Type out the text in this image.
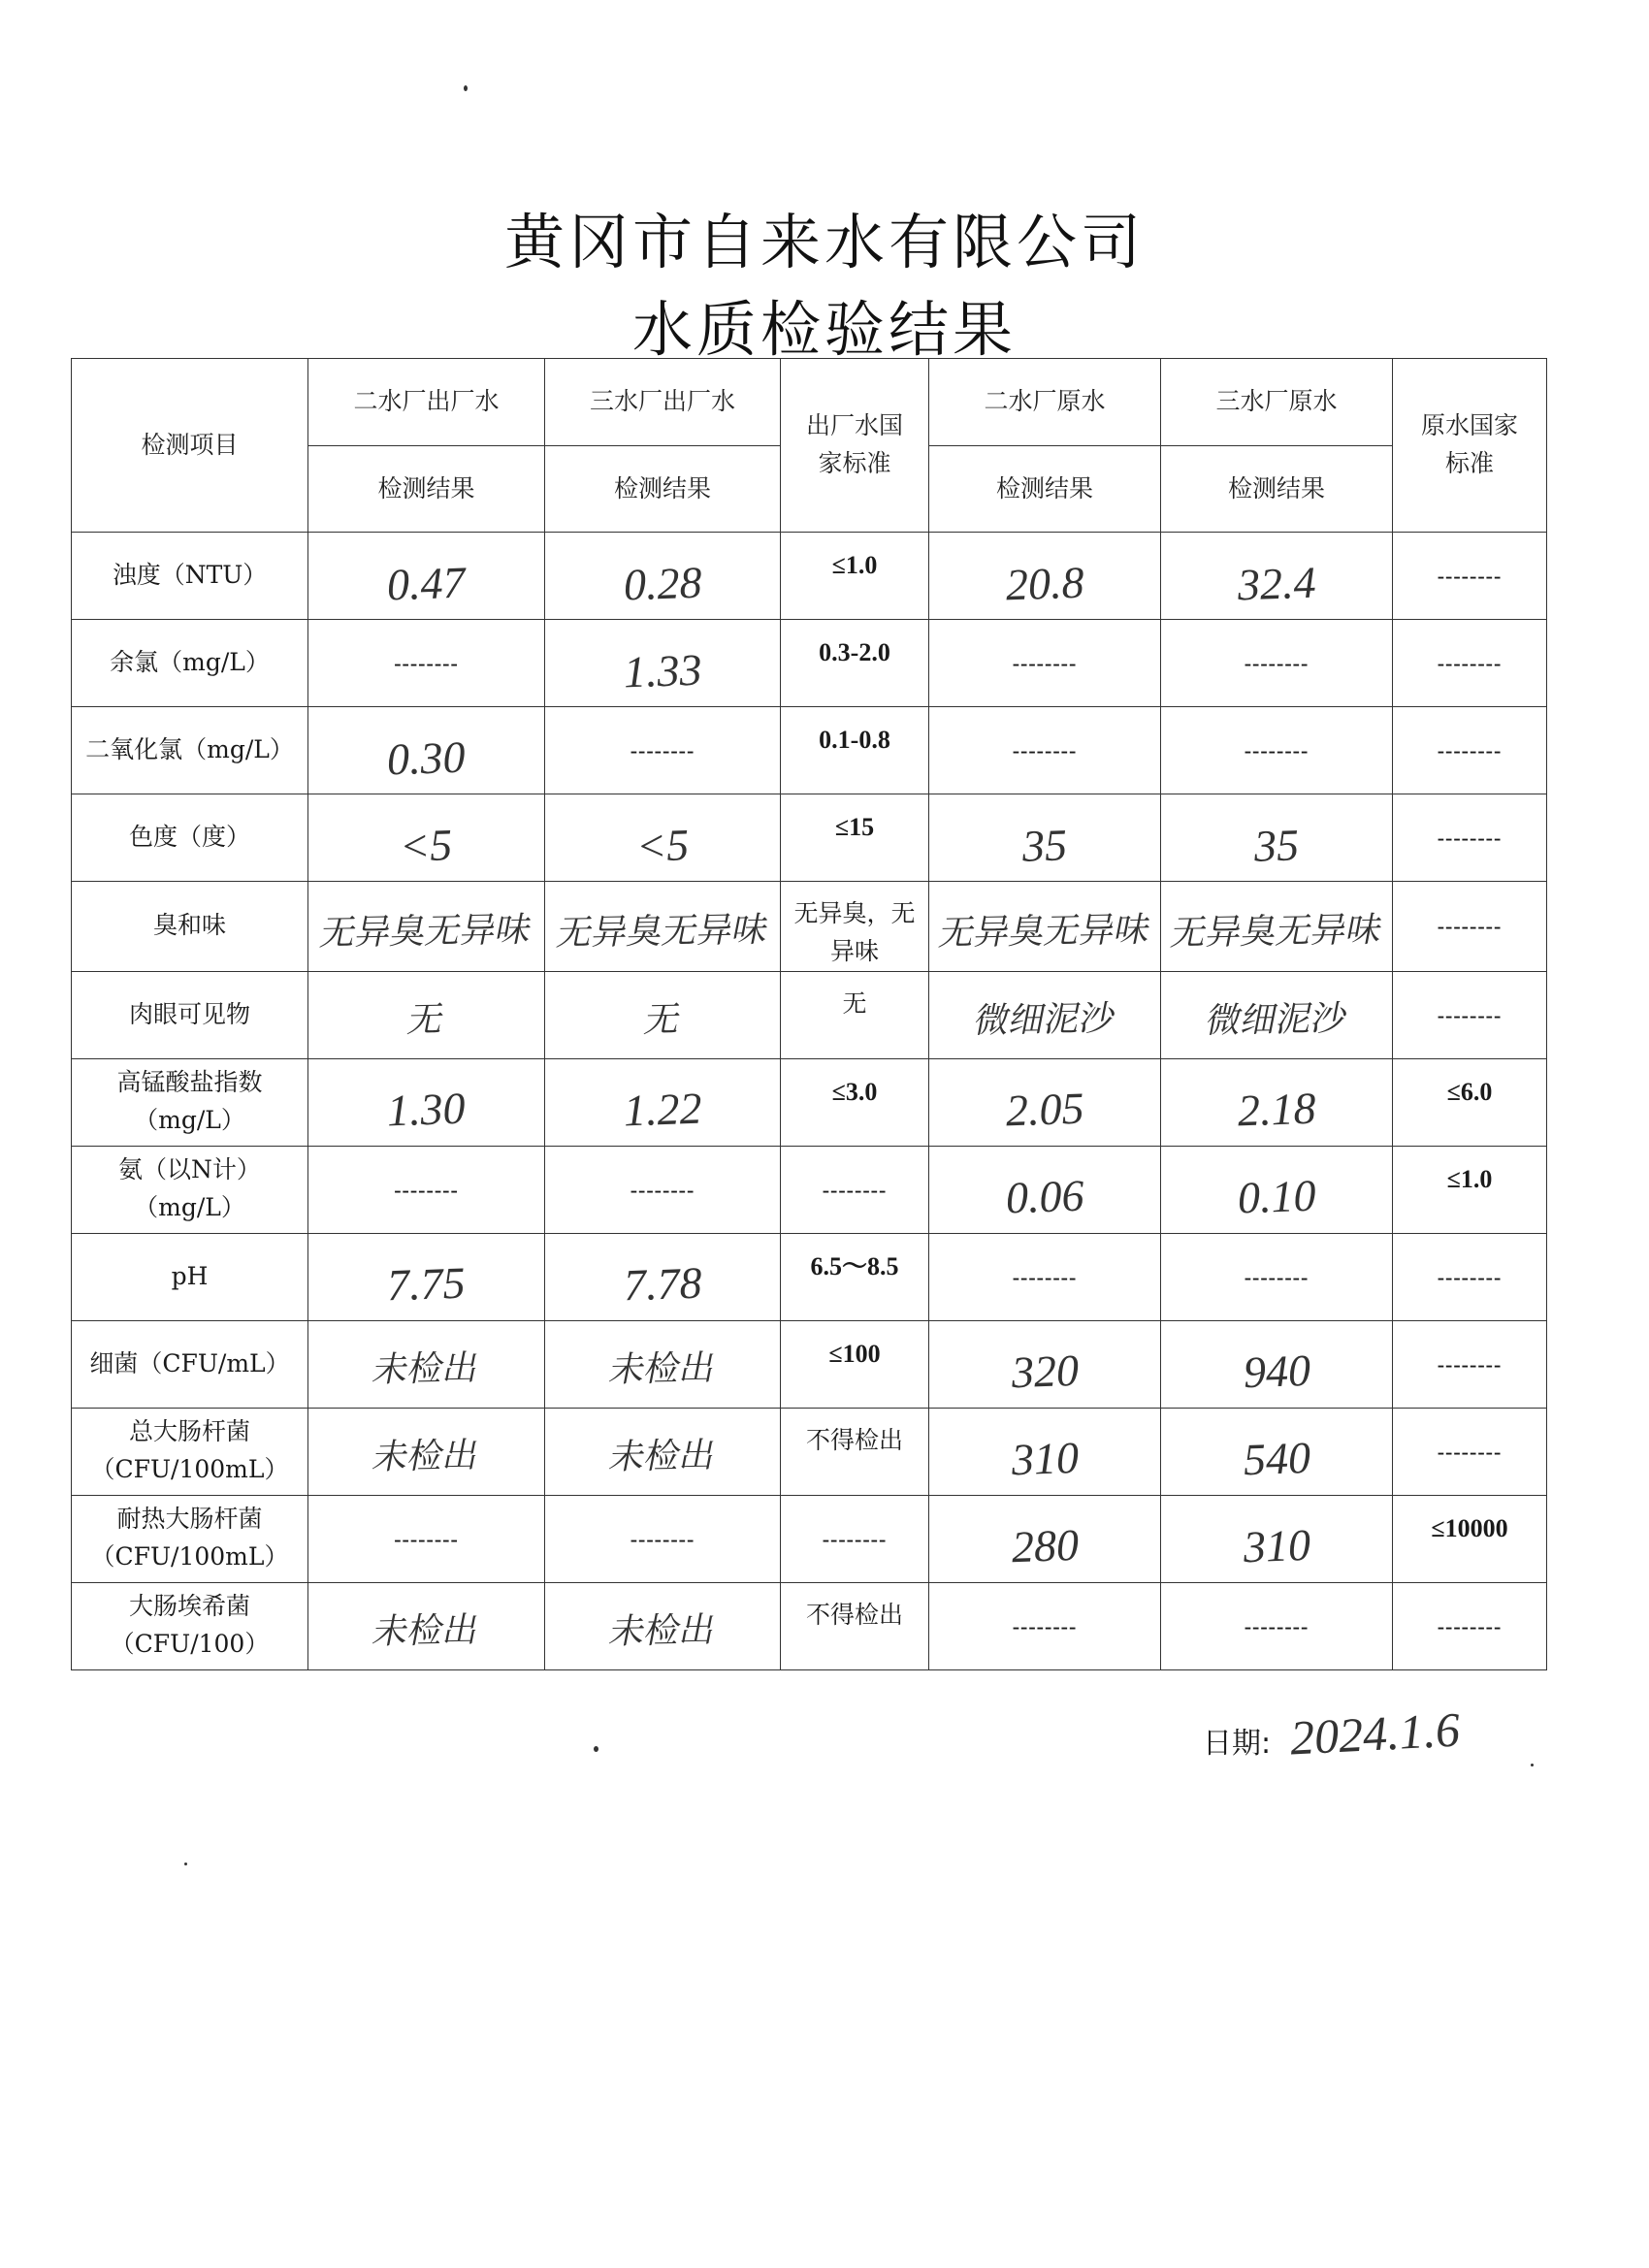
黄冈市自来水有限公司
水质检验结果
检测项目	二水厂出厂水	三水厂出厂水	出厂水国家标准	二水厂原水	三水厂原水	原水国家标准
	检测结果	检测结果		检测结果	检测结果	
浊度（NTU）	0.47	0.28	≤1.0	20.8	32.4	--------
余氯（mg/L）	--------	1.33	0.3-2.0	--------	--------	--------
二氧化氯（mg/L）	0.30	--------	0.1-0.8	--------	--------	--------
色度（度）	<5	<5	≤15	35	35	--------
臭和味	无异臭无异味	无异臭无异味	无异臭，无异味	无异臭无异味	无异臭无异味	--------
肉眼可见物	无	无	无	微细泥沙	微细泥沙	--------
高锰酸盐指数（mg/L）	1.30	1.22	≤3.0	2.05	2.18	≤6.0
氨（以N计）（mg/L）	--------	--------	--------	0.06	0.10	≤1.0
pH	7.75	7.78	6.5～8.5	--------	--------	--------
细菌（CFU/mL）	未检出	未检出	≤100	320	940	--------
总大肠杆菌（CFU/100mL）	未检出	未检出	不得检出	310	540	--------
耐热大肠杆菌（CFU/100mL）	--------	--------	--------	280	310	≤10000
大肠埃希菌（CFU/100）	未检出	未检出	不得检出	--------	--------	--------
日期: 2024.1.6
